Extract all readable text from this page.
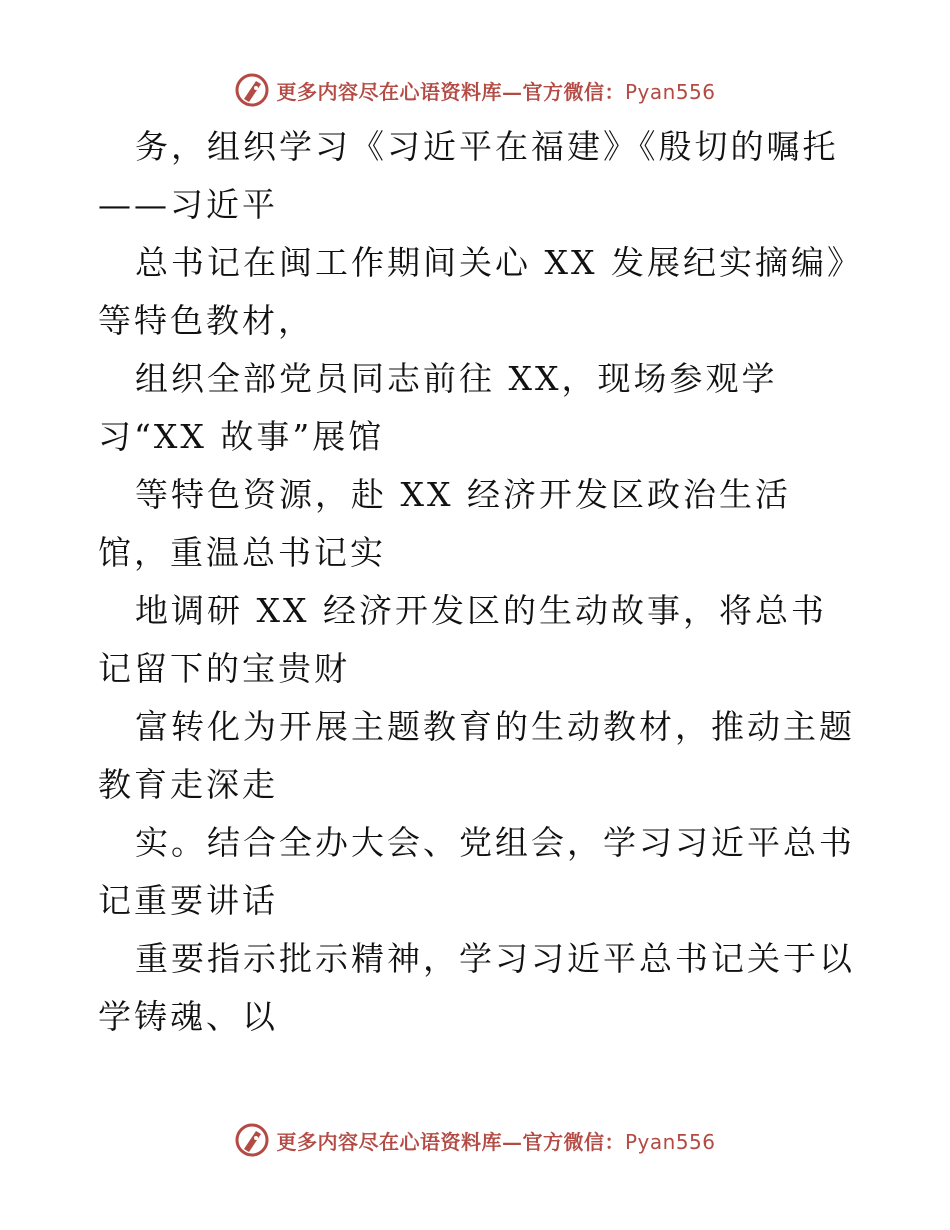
更多内容尽在心语资料库—官方微信：Pyan556

务，组织学习《习近平在福建》《殷切的嘱托——习近平

总书记在闽工作期间关心 XX 发展纪实摘编》等特色教材，

组织全部党员同志前往 XX，现场参观学习“XX 故事”展馆

等特色资源，赴 XX 经济开发区政治生活馆，重温总书记实

地调研 XX 经济开发区的生动故事，将总书记留下的宝贵财

富转化为开展主题教育的生动教材，推动主题教育走深走

实。结合全办大会、党组会，学习习近平总书记重要讲话

重要指示批示精神，学习习近平总书记关于以学铸魂、以

更多内容尽在心语资料库—官方微信：Pyan556
